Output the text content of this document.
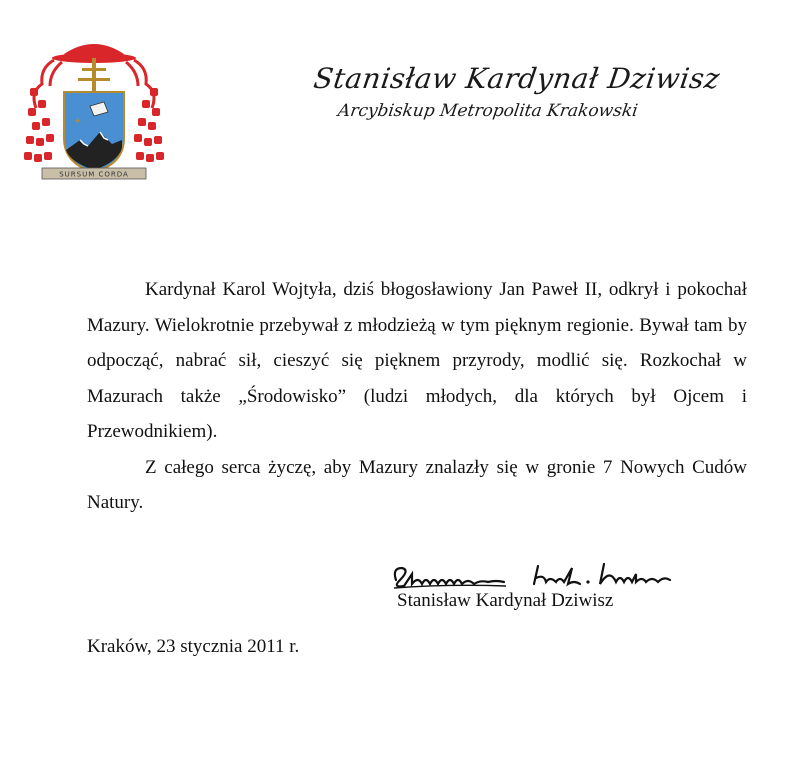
✦
SURSUM CORDA
Stanisław Kardynał Dziwisz
Arcybiskup Metropolita Krakowski

Kardynał Karol Wojtyła, dziś błogosławiony Jan Paweł II, odkrył i pokochał Mazury. Wielokrotnie przebywał z młodzieżą w tym pięknym regionie. Bywał tam by odpocząć, nabrać sił, cieszyć się pięknem przyrody, modlić się. Rozkochał w Mazurach także „Środowisko” (ludzi młodych, dla których był Ojcem i Przewodnikiem).

Z całego serca życzę, aby Mazury znalazły się w gronie 7 Nowych Cudów Natury.

Stanisław Kardynał Dziwisz
Kraków, 23 stycznia 2011 r.
